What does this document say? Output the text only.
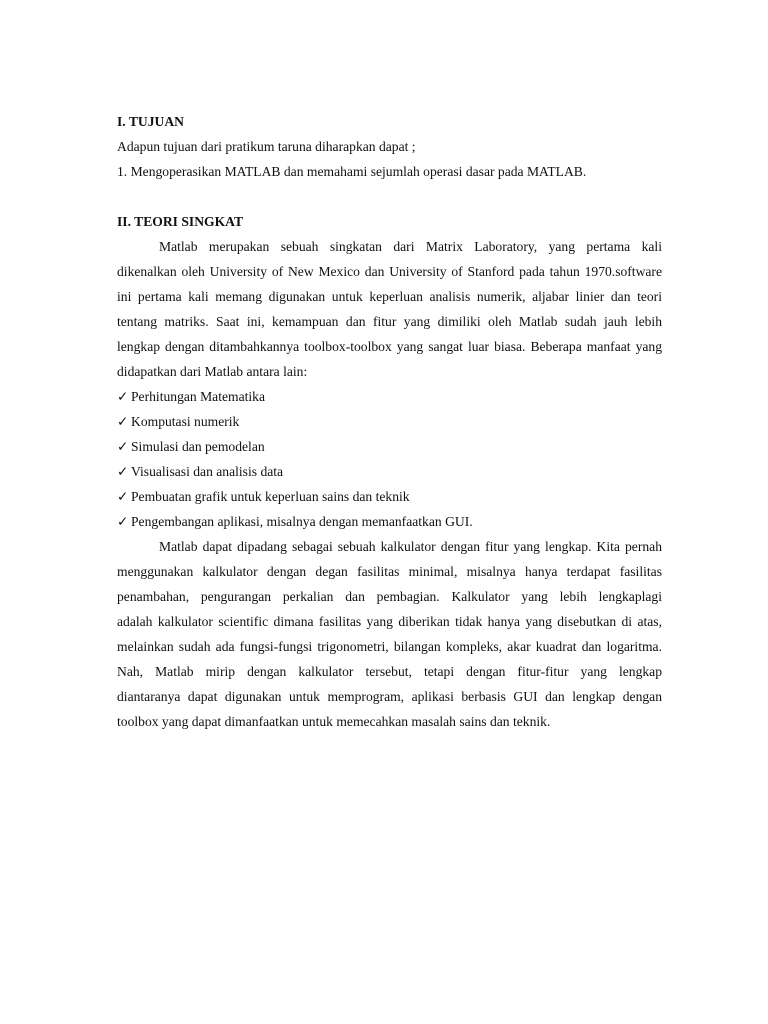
I. TUJUAN
Adapun tujuan dari pratikum taruna diharapkan dapat ;
1. Mengoperasikan MATLAB dan memahami sejumlah operasi dasar pada MATLAB.
II. TEORI SINGKAT
Matlab merupakan sebuah singkatan dari Matrix Laboratory, yang pertama kali
dikenalkan oleh University of New Mexico dan University of Stanford pada tahun 1970.software
ini pertama kali memang digunakan untuk keperluan analisis numerik, aljabar linier dan teori
tentang matriks. Saat ini, kemampuan dan fitur yang dimiliki oleh Matlab sudah jauh lebih
lengkap dengan ditambahkannya toolbox-toolbox yang sangat luar biasa. Beberapa manfaat yang
didapatkan dari Matlab antara lain:
✓ Perhitungan Matematika
✓ Komputasi numerik
✓ Simulasi dan pemodelan
✓ Visualisasi dan analisis data
✓ Pembuatan grafik untuk keperluan sains dan teknik
✓ Pengembangan aplikasi, misalnya dengan memanfaatkan GUI.
Matlab dapat dipadang sebagai sebuah kalkulator dengan fitur yang lengkap. Kita pernah
menggunakan kalkulator dengan degan fasilitas minimal, misalnya hanya terdapat fasilitas
penambahan, pengurangan perkalian dan pembagian. Kalkulator yang lebih lengkaplagi
adalah kalkulator scientific dimana fasilitas yang diberikan tidak hanya yang disebutkan di atas,
melainkan sudah ada fungsi-fungsi trigonometri, bilangan kompleks, akar kuadrat dan logaritma.
Nah, Matlab mirip dengan kalkulator tersebut, tetapi dengan fitur-fitur yang lengkap
diantaranya dapat digunakan untuk memprogram, aplikasi berbasis GUI dan lengkap dengan
toolbox yang dapat dimanfaatkan untuk memecahkan masalah sains dan teknik.
